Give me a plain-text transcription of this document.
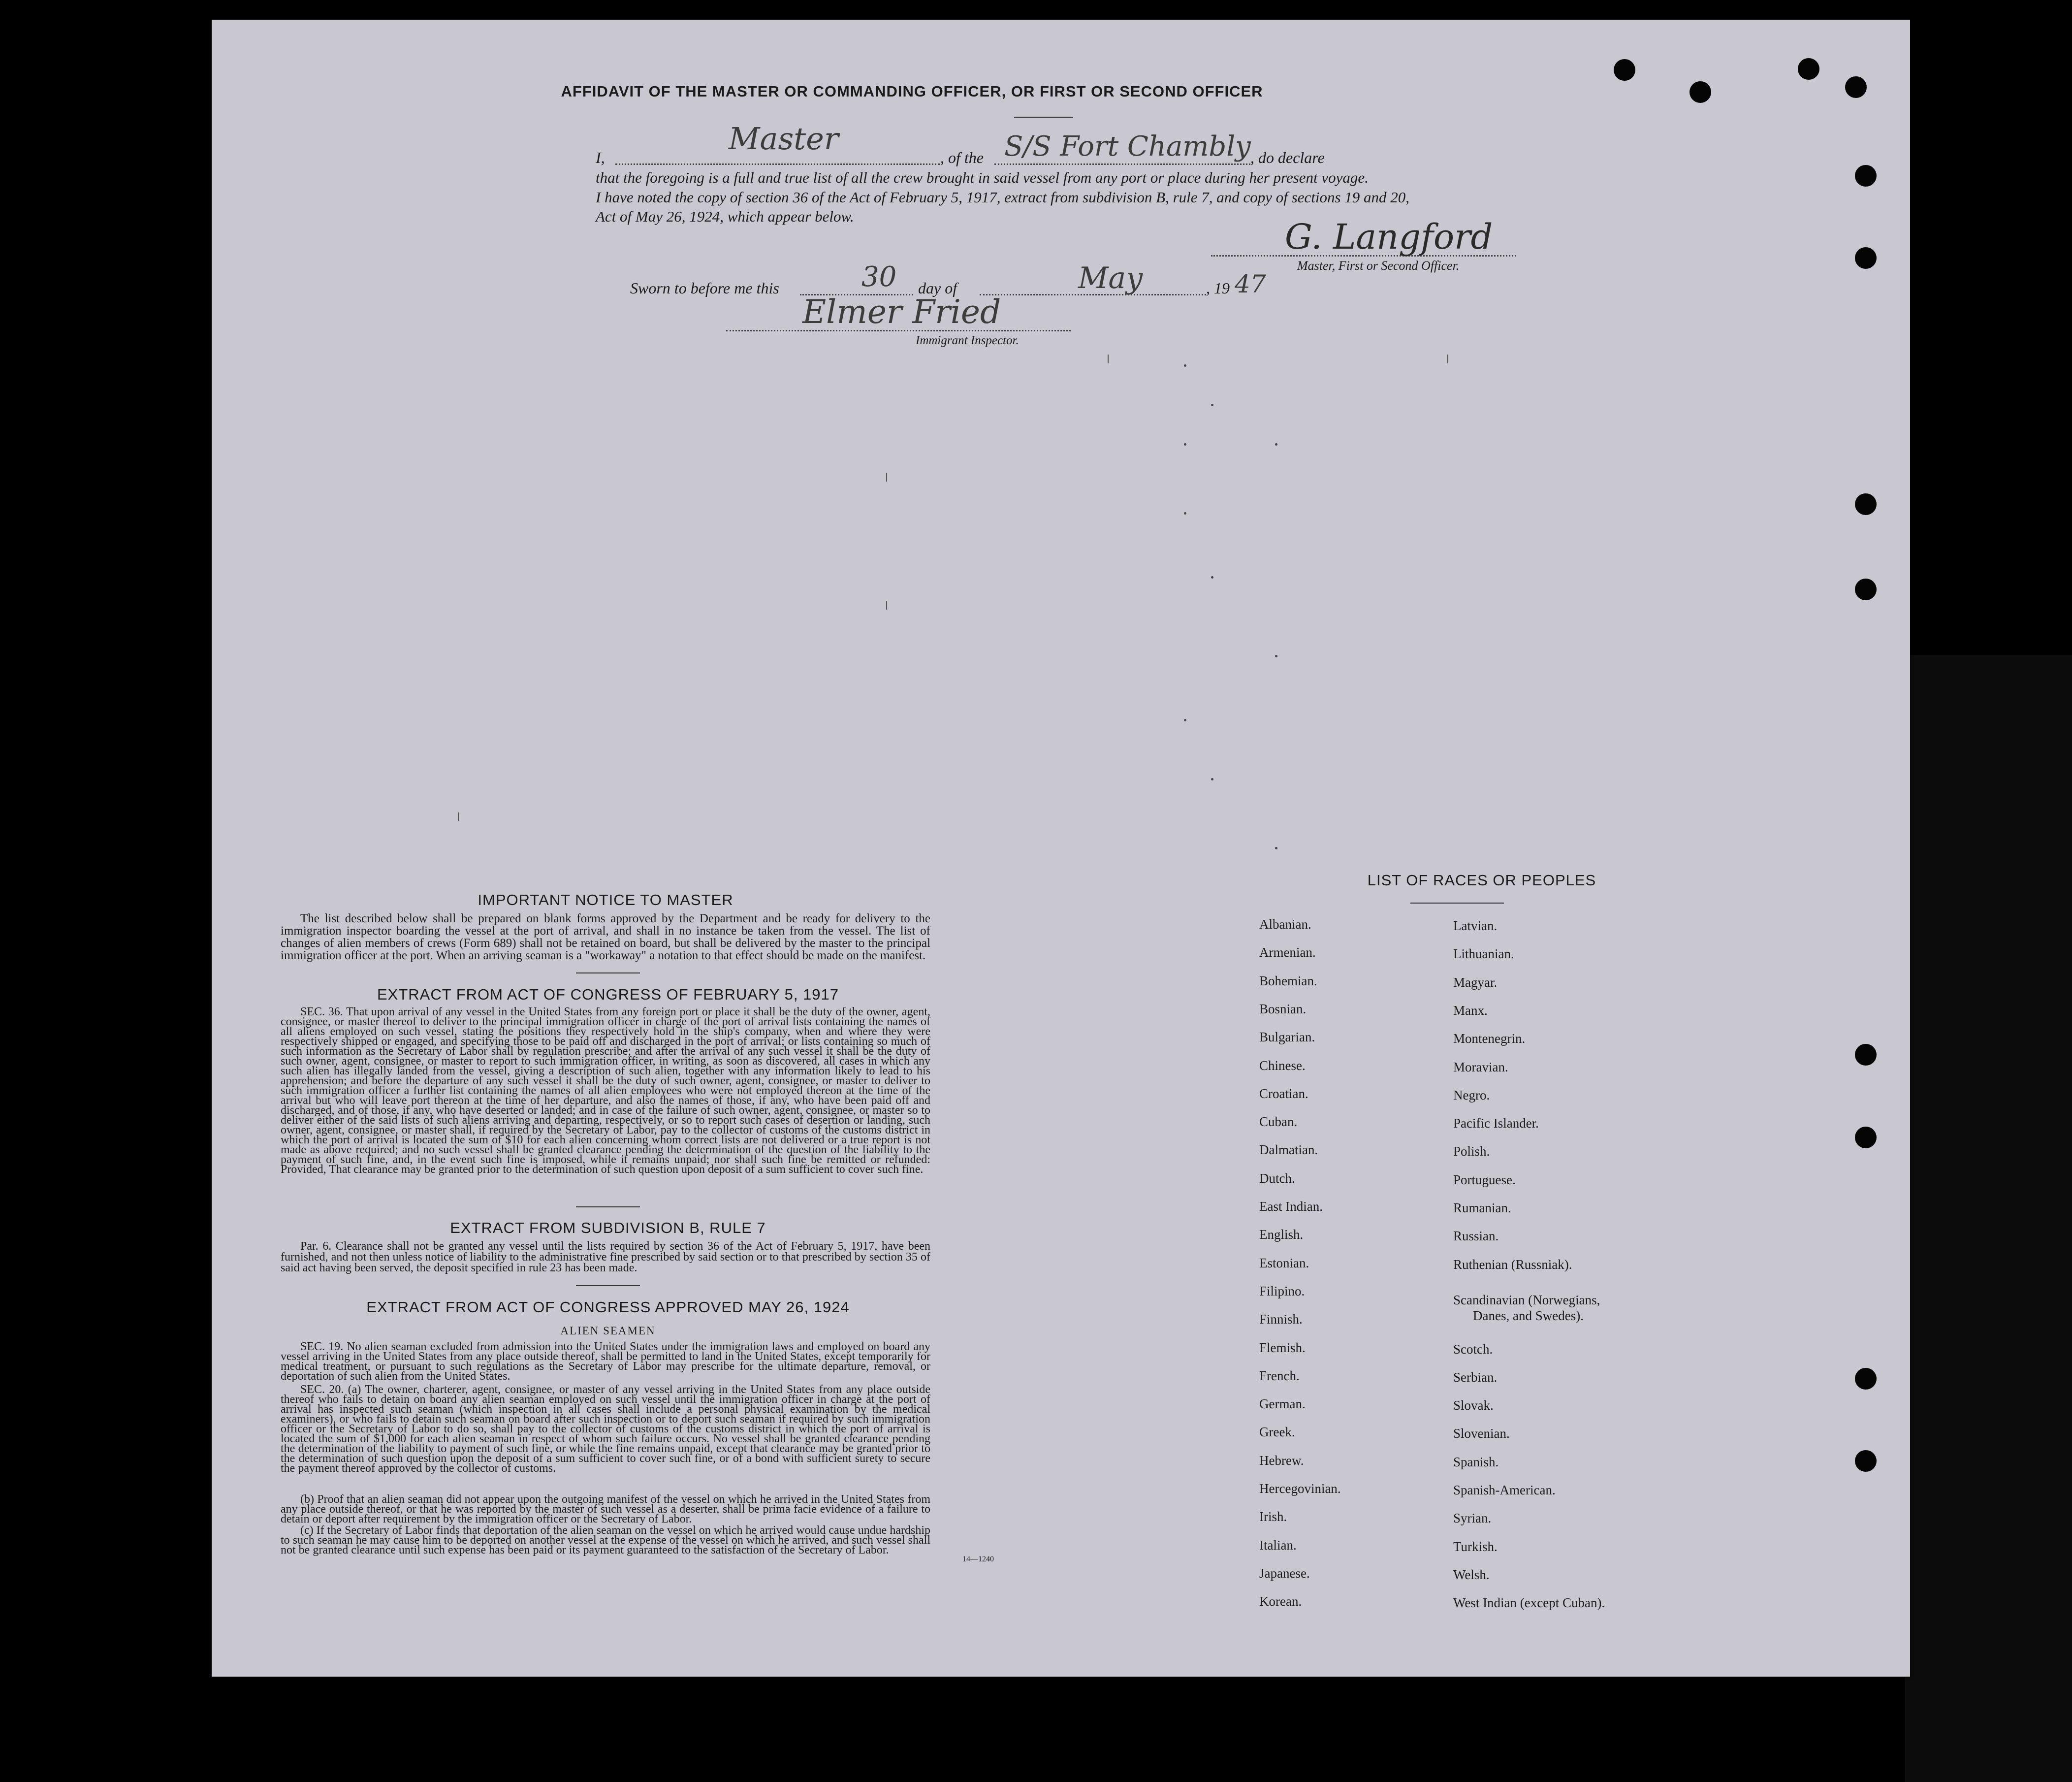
AFFIDAVIT OF THE MASTER OR COMMANDING OFFICER, OR FIRST OR SECOND OFFICER
I,
Master
, of the S/S Fort Chambly , do declare
that the foregoing is a full and true list of all the crew brought in said vessel from any port or place during her present voyage.
I have noted the copy of section 36 of the Act of February 5, 1917, extract from subdivision B, rule 7, and copy of sections 19 and 20,
Act of May 26, 1924, which appear below.
G. Langford
Master, First or Second Officer.
Sworn to before me this	30 day of	May	, 19 47
Elmer Fried
Immigrant Inspector.
IMPORTANT NOTICE TO MASTER
The list described below shall be prepared on blank forms approved by the Department and be ready for delivery to the immigration inspector boarding the vessel at the port of arrival, and shall in no instance be taken from the vessel. The list of changes of alien members of crews (Form 689) shall not be retained on board, but shall be delivered by the master to the principal immigration officer at the port. When an arriving seaman is a "workaway" a notation to that effect should be made on the manifest.
EXTRACT FROM ACT OF CONGRESS OF FEBRUARY 5, 1917
SEC. 36. That upon arrival of any vessel in the United States from any foreign port or place it shall be the duty of the owner, agent, consignee, or master thereof to deliver to the principal immigration officer in charge of the port of arrival lists containing the names of all aliens employed on such vessel, stating the positions they respectively hold in the ship's company, when and where they were respectively shipped or engaged, and specifying those to be paid off and discharged in the port of arrival; or lists containing so much of such information as the Secretary of Labor shall by regulation prescribe; and after the arrival of any such vessel it shall be the duty of such owner, agent, consignee, or master to report to such immigration officer, in writing, as soon as discovered, all cases in which any such alien has illegally landed from the vessel, giving a description of such alien, together with any information likely to lead to his apprehension; and before the departure of any such vessel it shall be the duty of such owner, agent, consignee, or master to deliver to such immigration officer a further list containing the names of all alien employees who were not employed thereon at the time of the arrival but who will leave port thereon at the time of her departure, and also the names of those, if any, who have been paid off and discharged, and of those, if any, who have deserted or landed; and in case of the failure of such owner, agent, consignee, or master so to deliver either of the said lists of such aliens arriving and departing, respectively, or so to report such cases of desertion or landing, such owner, agent, consignee, or master shall, if required by the Secretary of Labor, pay to the collector of customs of the customs district in which the port of arrival is located the sum of $10 for each alien concerning whom correct lists are not delivered or a true report is not made as above required; and no such vessel shall be granted clearance pending the determination of the question of the liability to the payment of such fine, and, in the event such fine is imposed, while it remains unpaid; nor shall such fine be remitted or refunded: Provided, That clearance may be granted prior to the determination of such question upon deposit of a sum sufficient to cover such fine.
EXTRACT FROM SUBDIVISION B, RULE 7
Par. 6. Clearance shall not be granted any vessel until the lists required by section 36 of the Act of February 5, 1917, have been furnished, and not then unless notice of liability to the administrative fine prescribed by said section or to that prescribed by section 35 of said act having been served, the deposit specified in rule 23 has been made.
EXTRACT FROM ACT OF CONGRESS APPROVED MAY 26, 1924
ALIEN SEAMEN
SEC. 19. No alien seaman excluded from admission into the United States under the immigration laws and employed on board any vessel arriving in the United States from any place outside thereof, shall be permitted to land in the United States, except temporarily for medical treatment, or pursuant to such regulations as the Secretary of Labor may prescribe for the ultimate departure, removal, or deportation of such alien from the United States.
SEC. 20. (a) The owner, charterer, agent, consignee, or master of any vessel arriving in the United States from any place outside thereof who fails to detain on board any alien seaman employed on such vessel until the immigration officer in charge at the port of arrival has inspected such seaman (which inspection in all cases shall include a personal physical examination by the medical examiners), or who fails to detain such seaman on board after such inspection or to deport such seaman if required by such immigration officer or the Secretary of Labor to do so, shall pay to the collector of customs of the customs district in which the port of arrival is located the sum of $1,000 for each alien seaman in respect of whom such failure occurs. No vessel shall be granted clearance pending the determination of the liability to payment of such fine, or while the fine remains unpaid, except that clearance may be granted prior to the determination of such question upon the deposit of a sum sufficient to cover such fine, or of a bond with sufficient surety to secure the payment thereof approved by the collector of customs.
(b) Proof that an alien seaman did not appear upon the outgoing manifest of the vessel on which he arrived in the United States from any place outside thereof, or that he was reported by the master of such vessel as a deserter, shall be prima facie evidence of a failure to detain or deport after requirement by the immigration officer or the Secretary of Labor.
(c) If the Secretary of Labor finds that deportation of the alien seaman on the vessel on which he arrived would cause undue hardship to such seaman he may cause him to be deported on another vessel at the expense of the vessel on which he arrived, and such vessel shall not be granted clearance until such expense has been paid or its payment guaranteed to the satisfaction of the Secretary of Labor.
14—1240
LIST OF RACES OR PEOPLES
Albanian.
Armenian.
Bohemian.
Bosnian.
Bulgarian.
Chinese.
Croatian.
Cuban.
Dalmatian.
Dutch.
East Indian.
English.
Estonian.
Filipino.
Finnish.
Flemish.
French.
German.
Greek.
Hebrew.
Hercegovinian.
Irish.
Italian.
Japanese.
Korean.
Latvian.
Lithuanian.
Magyar.
Manx.
Montenegrin.
Moravian.
Negro.
Pacific Islander.
Polish.
Portuguese.
Rumanian.
Russian.
Ruthenian (Russniak).
Scandinavian (Norwegians,
Danes, and Swedes).
Scotch.
Serbian.
Slovak.
Slovenian.
Spanish.
Spanish-American.
Syrian.
Turkish.
Welsh.
West Indian (except Cuban).
